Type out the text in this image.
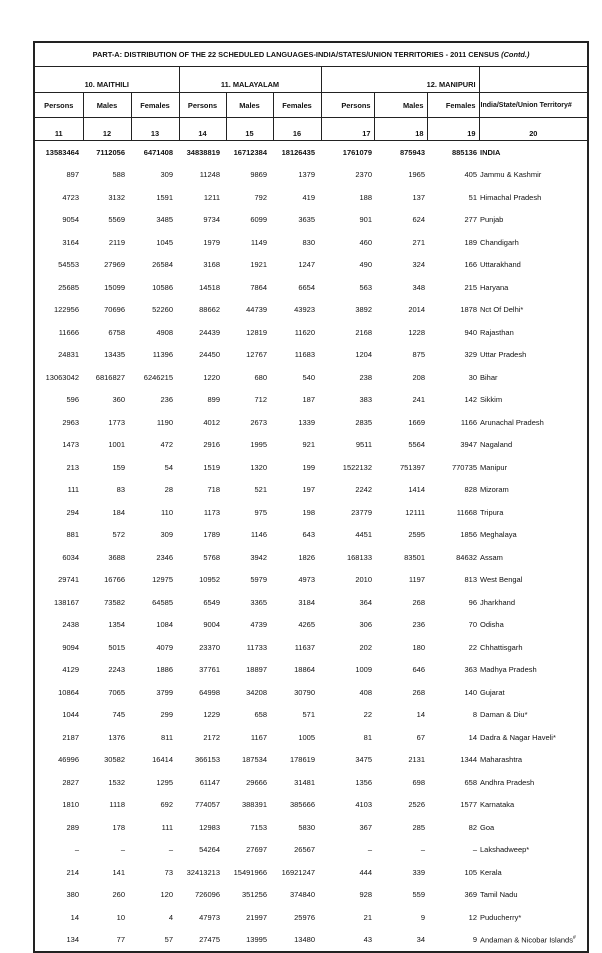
PART-A: DISTRIBUTION OF THE 22 SCHEDULED LANGUAGES-INDIA/STATES/UNION TERRITORIES - 2011 CENSUS (Contd.)									
10. MAITHILI			11. MALAYALAM			12. MANIPURI			
Persons	Males	Females	Persons	Males	Females	Persons	Males	Females	India/State/Union Territory#
11	12	13	14	15	16	17	18	19	20
13583464	7112056	6471408	34838819	16712384	18126435	1761079	875943	885136	INDIA
897	588	309	11248	9869	1379	2370	1965	405	Jammu & Kashmir
4723	3132	1591	1211	792	419	188	137	51	Himachal Pradesh
9054	5569	3485	9734	6099	3635	901	624	277	Punjab
3164	2119	1045	1979	1149	830	460	271	189	Chandigarh
54553	27969	26584	3168	1921	1247	490	324	166	Uttarakhand
25685	15099	10586	14518	7864	6654	563	348	215	Haryana
122956	70696	52260	88662	44739	43923	3892	2014	1878	Nct Of Delhi*
11666	6758	4908	24439	12819	11620	2168	1228	940	Rajasthan
24831	13435	11396	24450	12767	11683	1204	875	329	Uttar Pradesh
13063042	6816827	6246215	1220	680	540	238	208	30	Bihar
596	360	236	899	712	187	383	241	142	Sikkim
2963	1773	1190	4012	2673	1339	2835	1669	1166	Arunachal Pradesh
1473	1001	472	2916	1995	921	9511	5564	3947	Nagaland
213	159	54	1519	1320	199	1522132	751397	770735	Manipur
111	83	28	718	521	197	2242	1414	828	Mizoram
294	184	110	1173	975	198	23779	12111	11668	Tripura
881	572	309	1789	1146	643	4451	2595	1856	Meghalaya
6034	3688	2346	5768	3942	1826	168133	83501	84632	Assam
29741	16766	12975	10952	5979	4973	2010	1197	813	West Bengal
138167	73582	64585	6549	3365	3184	364	268	96	Jharkhand
2438	1354	1084	9004	4739	4265	306	236	70	Odisha
9094	5015	4079	23370	11733	11637	202	180	22	Chhattisgarh
4129	2243	1886	37761	18897	18864	1009	646	363	Madhya Pradesh
10864	7065	3799	64998	34208	30790	408	268	140	Gujarat
1044	745	299	1229	658	571	22	14	8	Daman & Diu*
2187	1376	811	2172	1167	1005	81	67	14	Dadra & Nagar Haveli*
46996	30582	16414	366153	187534	178619	3475	2131	1344	Maharashtra
2827	1532	1295	61147	29666	31481	1356	698	658	Andhra Pradesh
1810	1118	692	774057	388391	385666	4103	2526	1577	Karnataka
289	178	111	12983	7153	5830	367	285	82	Goa
–	–	–	54264	27697	26567	–	–	–	Lakshadweep*
214	141	73	32413213	15491966	16921247	444	339	105	Kerala
380	260	120	726096	351256	374840	928	559	369	Tamil Nadu
14	10	4	47973	21997	25976	21	9	12	Puducherry*
134	77	57	27475	13995	13480	43	34	9	Andaman & Nicobar Islands#
